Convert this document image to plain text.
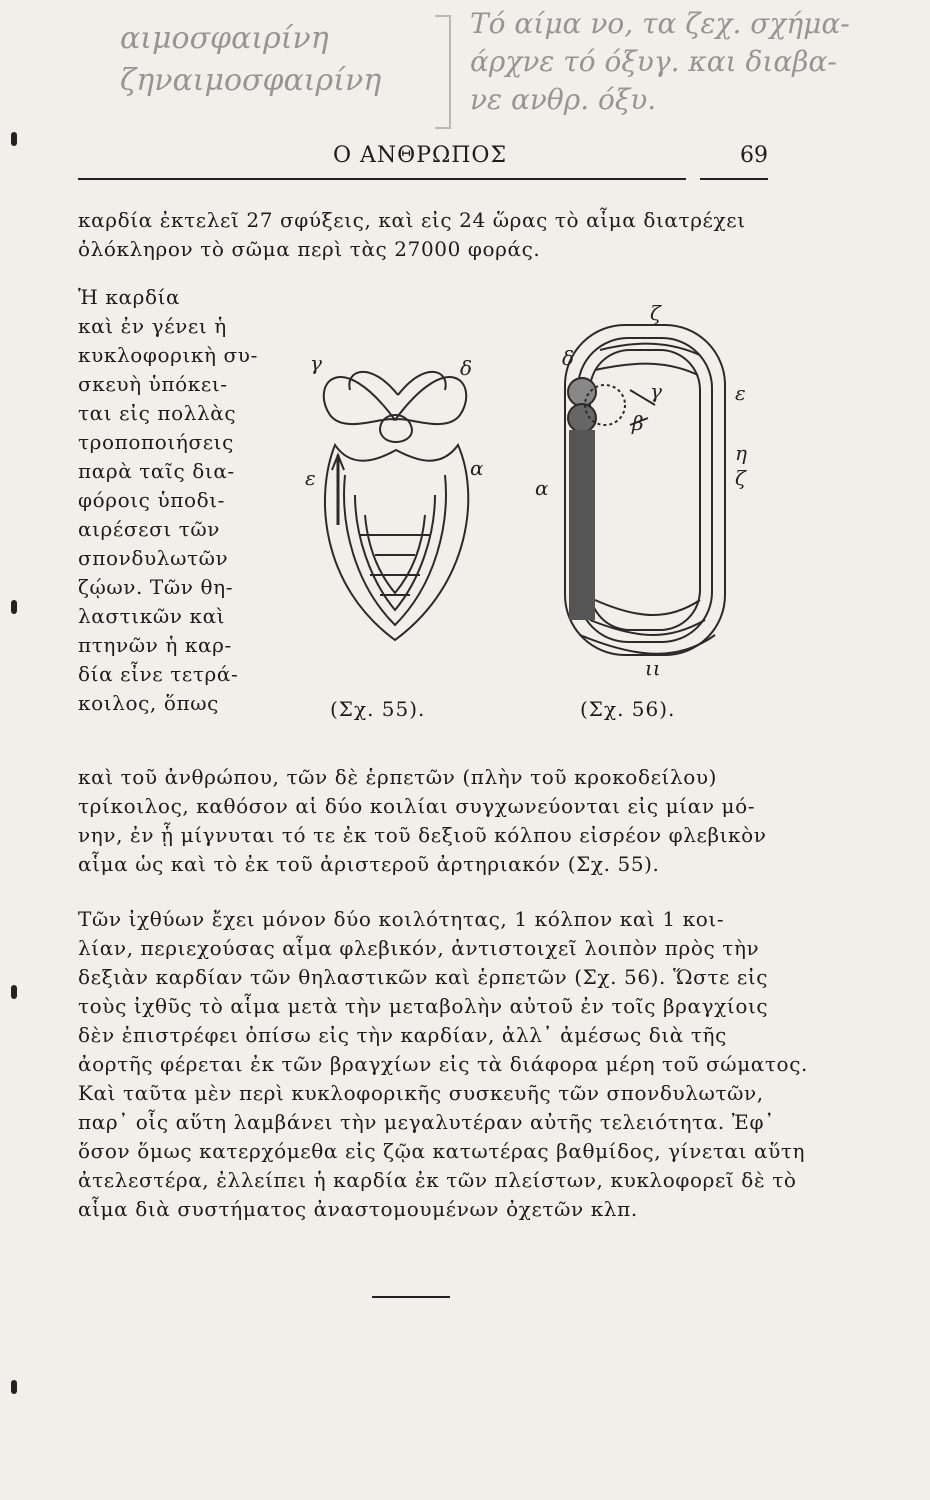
αιμοσφαιρίνη
ζηναιμοσφαιρίνη
Τό αίμα νο, τα ζεχ. σχήμα-
άρχνε τό όξυγ. και διαβα-
νε ανθρ. όξυ.
Ο ΑΝΘΡΩΠΟΣ	69
καρδία ἐκτελεῖ 27 σφύξεις, καὶ εἰς 24 ὥρας τὸ αἷμα διατρέχει
ὁλόκληρον τὸ σῶμα περὶ τὰς 27000 φοράς.
Ἡ καρδία
καὶ ἐν γένει ἡ
κυκλοφορικὴ συ-
σκευὴ ὑπόκει-
ται εἰς πολλὰς
τροποποιήσεις
παρὰ ταῖς δια-
φόροις ὑποδι-
αιρέσεσι τῶν
σπονδυλωτῶν
ζῴων. Τῶν θη-
λαστικῶν καὶ
πτηνῶν ἡ καρ-
δία εἶνε τετρά-
κοιλος, ὅπως
γ	δ
ε	α
ζ
δ
γ
β
α
ε
η
ζ
ιι
(Σχ. 55).	(Σχ. 56).
καὶ τοῦ ἀνθρώπου, τῶν δὲ ἑρπετῶν (πλὴν τοῦ κροκοδείλου)
τρίκοιλος, καθόσον αἱ δύο κοιλίαι συγχωνεύονται εἰς μίαν μό-
νην, ἐν ᾗ μίγνυται τό τε ἐκ τοῦ δεξιοῦ κόλπου εἰσρέον φλεβικὸν
αἷμα ὡς καὶ τὸ ἐκ τοῦ ἀριστεροῦ ἀρτηριακόν (Σχ. 55).
Τῶν ἰχθύων ἔχει μόνον δύο κοιλότητας, 1 κόλπον καὶ 1 κοι-
λίαν, περιεχούσας αἷμα φλεβικόν, ἀντιστοιχεῖ λοιπὸν πρὸς τὴν
δεξιὰν καρδίαν τῶν θηλαστικῶν καὶ ἑρπετῶν (Σχ. 56). Ὥστε εἰς
τοὺς ἰχθῦς τὸ αἷμα μετὰ τὴν μεταβολὴν αὐτοῦ ἐν τοῖς βραγχίοις
δὲν ἐπιστρέφει ὀπίσω εἰς τὴν καρδίαν, ἀλλ᾽ ἀμέσως διὰ τῆς
ἀορτῆς φέρεται ἐκ τῶν βραγχίων εἰς τὰ διάφορα μέρη τοῦ σώματος.
Καὶ ταῦτα μὲν περὶ κυκλοφορικῆς συσκευῆς τῶν σπονδυλωτῶν,
παρ᾽ οἷς αὕτη λαμβάνει τὴν μεγαλυτέραν αὐτῆς τελειότητα. Ἐφ᾽
ὅσον ὅμως κατερχόμεθα εἰς ζῷα κατωτέρας βαθμίδος, γίνεται αὕτη
ἀτελεστέρα, ἐλλείπει ἡ καρδία ἐκ τῶν πλείστων, κυκλοφορεῖ δὲ τὸ
αἷμα διὰ συστήματος ἀναστομουμένων ὀχετῶν κλπ.
